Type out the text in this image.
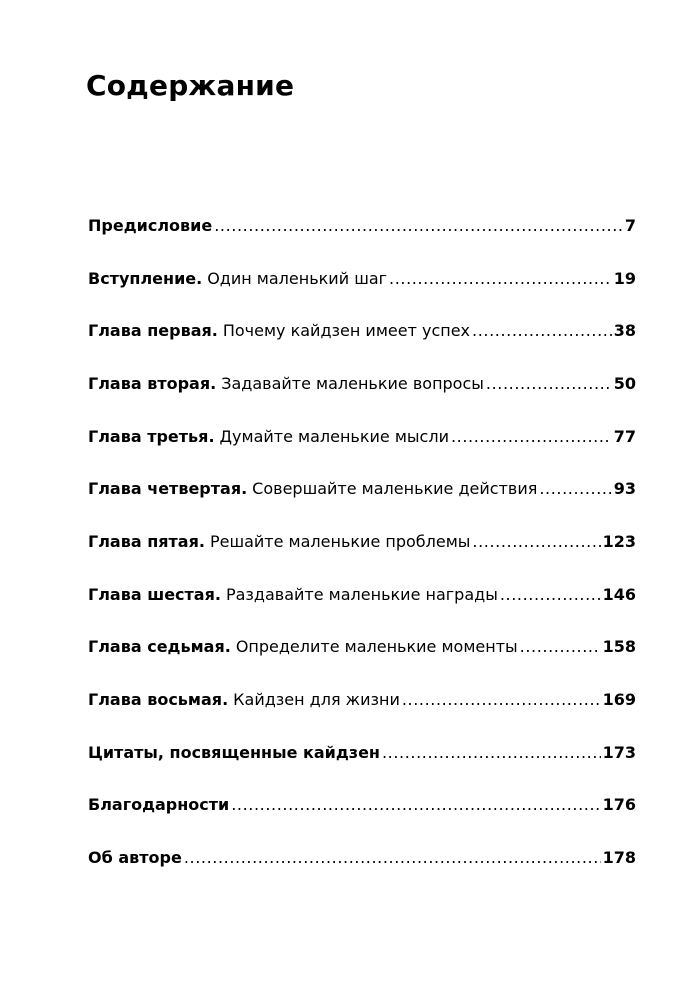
Содержание
Предисловие .....	7
Вступление. Один маленький шаг .....	19
Глава первая. Почему кайдзен имеет успех .....	38
Глава вторая. Задавайте маленькие вопросы .....	50
Глава третья. Думайте маленькие мысли .....	77
Глава четвертая. Совершайте маленькие действия .....	93
Глава пятая. Решайте маленькие проблемы .....	123
Глава шестая. Раздавайте маленькие награды .....	146
Глава седьмая. Определите маленькие моменты .....	158
Глава восьмая. Кайдзен для жизни .....	169
Цитаты, посвященные кайдзен .....	173
Благодарности .....	176
Об авторе .....	178
